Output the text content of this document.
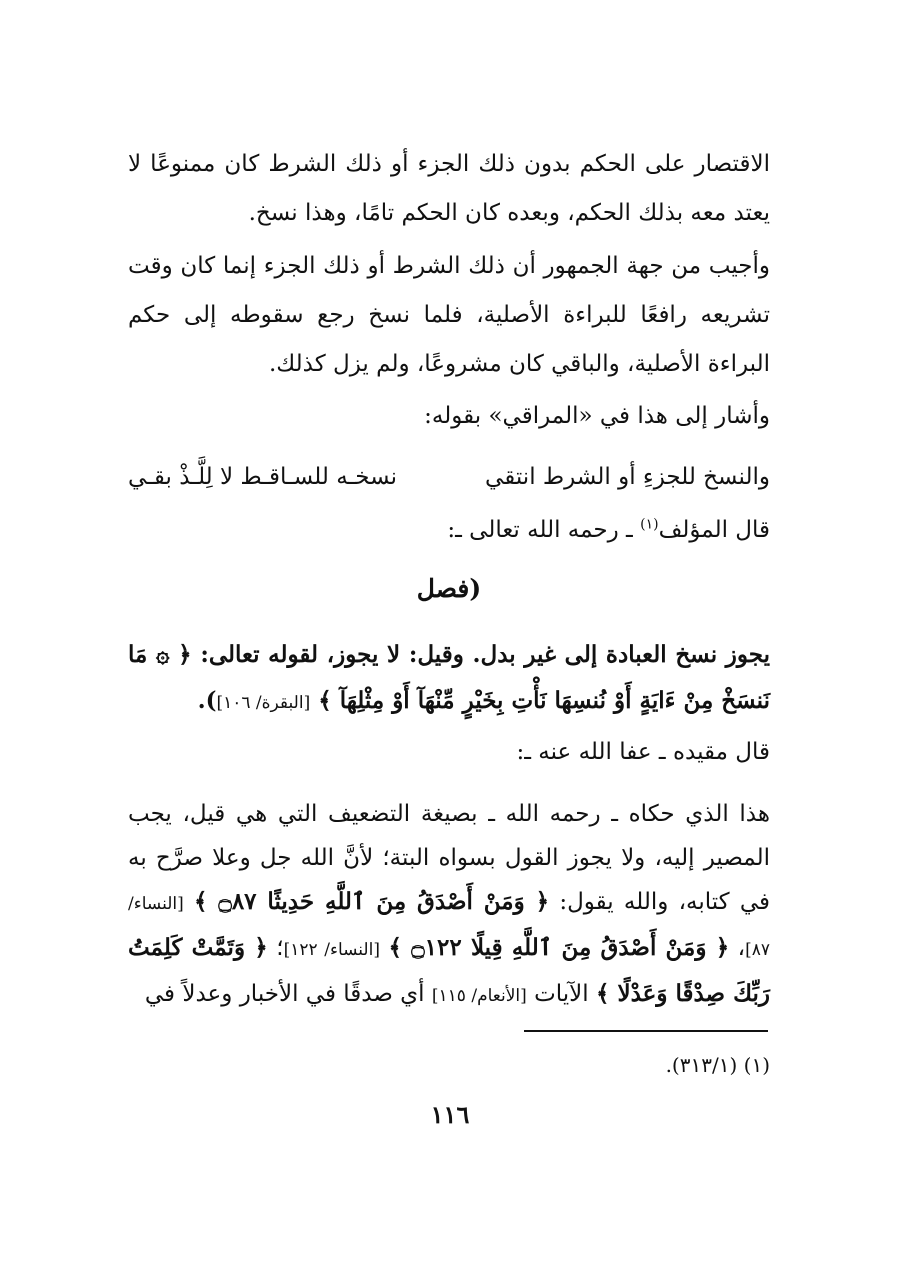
الاقتصار على الحكم بدون ذلك الجزء أو ذلك الشرط كان ممنوعًا لا يعتد معه بذلك الحكم، وبعده كان الحكم تامًا، وهذا نسخ.

وأجيب من جهة الجمهور أن ذلك الشرط أو ذلك الجزء إنما كان وقت تشريعه رافعًا للبراءة الأصلية، فلما نسخ رجع سقوطه إلى حكم البراءة الأصلية، والباقي كان مشروعًا، ولم يزل كذلك.

وأشار إلى هذا في «المراقي» بقوله:

والنسخ للجزءِ أو الشرط انتقي
نسخـه للسـاقـط لا لِلَّـذْ بقـي

قال المؤلف$^{(١)}$ ـ رحمه الله تعالى ـ:

(فصل

يجوز نسخ العبادة إلى غير بدل. وقيل: لا يجوز، لقوله تعالى: ﴿ ۞ مَا نَنسَخْ مِنْ ءَايَةٍ أَوْ نُنسِهَا نَأْتِ بِخَيْرٍ مِّنْهَآ أَوْ مِثْلِهَآ ﴾ [البقرة/ ١٠٦]).

قال مقيده ـ عفا الله عنه ـ:

هذا الذي حكاه ـ رحمه الله ـ بصيغة التضعيف التي هي قيل، يجب المصير إليه، ولا يجوز القول بسواه البتة؛ لأنَّ الله جل وعلا صرَّح به في كتابه، والله يقول: ﴿ وَمَنْ أَصْدَقُ مِنَ ٱللَّهِ حَدِيثًا ۝٨٧ ﴾ [النساء/ ٨٧]، ﴿ وَمَنْ أَصْدَقُ مِنَ ٱللَّهِ قِيلًا ۝١٢٢ ﴾ [النساء/ ١٢٢]؛ ﴿ وَتَمَّتْ كَلِمَتُ رَبِّكَ صِدْقًا وَعَدْلًا ﴾ الآيات [الأنعام/ ١١٥] أي صدقًا في الأخبار وعدلاً في

(١) (٣١٣/١).
١١٦
